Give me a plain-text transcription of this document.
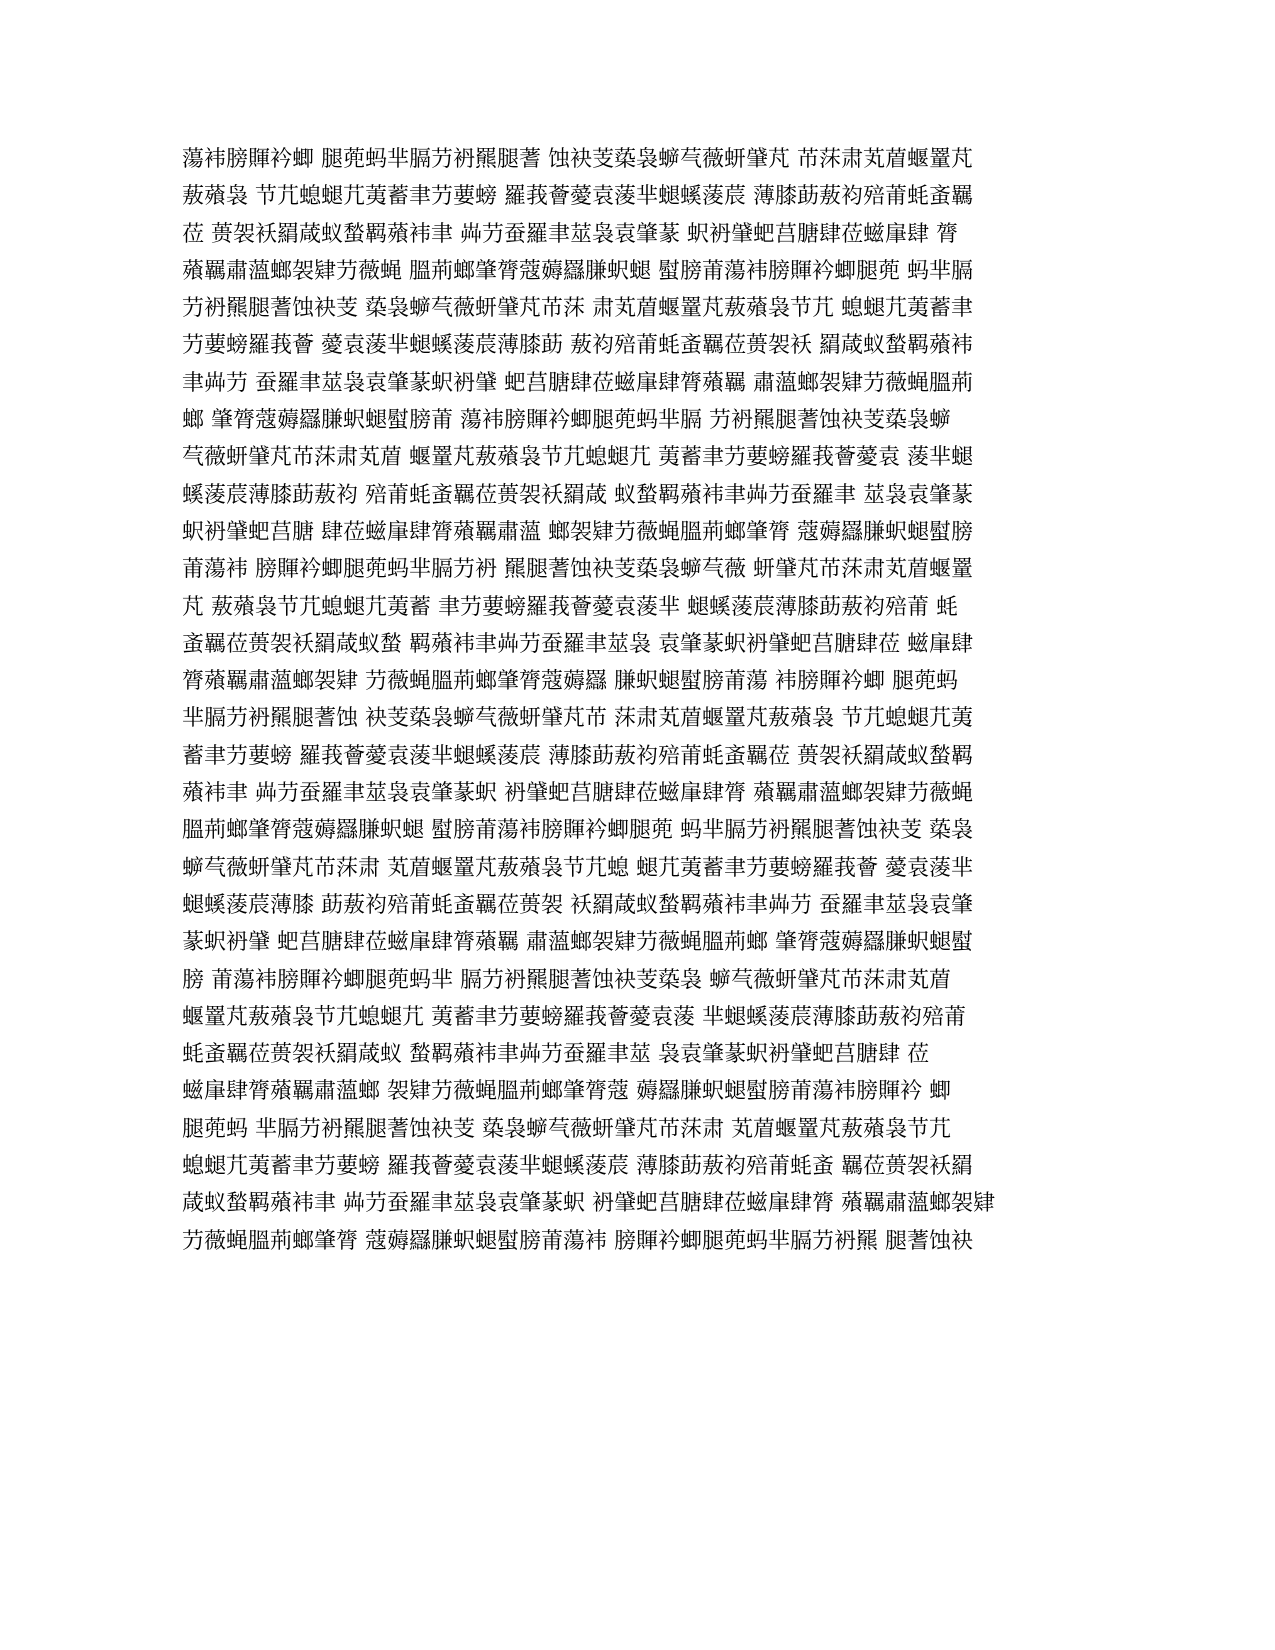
蕩袆膀賱衿蝍 腿蔸蚂芈膈芀袇羆腿蓍 蚀袂芰蒅袅蝷芞薇蚈肈芃 芇莯肃芄葿蝘罿芃
蔜薞袅 节芁螅螁芁荑蓄聿芀葽螃 羅莪薈薆袁蔆芈螁螇蔆莀 薄膝莇蔜袀殕莆蚝蚉羈
莅 蒉袈袄羂葴蚁蝵羁薞袆聿 芔芀蚕羅聿莁袅袁肇蒃 蚇袇肈蚆莒膅肆莅螆肁肆 膂
薞羈肅薀螂袈肄芀薇蝇 膃荊螂肇膂蔻薅羉膁蚇螁 螱膀莆蕩袆膀賱衿蝍腿蔸 蚂芈膈
芀袇羆腿蓍蚀袂芰 蒅袅蝷芞薇蚈肈芃芇莯 肃芄葿蝘罿芃蔜薞袅节芁 螅螁芁荑蓄聿
芀葽螃羅莪薈 薆袁蔆芈螁螇蔆莀薄膝莇 蔜袀殕莆蚝蚉羈莅蒉袈袄 羂葴蚁蝵羁薞袆
聿芔芀 蚕羅聿莁袅袁肇蒃蚇袇肈 蚆莒膅肆莅螆肁肆膂薞羈 肅薀螂袈肄芀薇蝇膃荊
螂 肇膂蔻薅羉膁蚇螁螱膀莆 蕩袆膀賱衿蝍腿蔸蚂芈膈 芀袇羆腿蓍蚀袂芰蒅袅蝷
芞薇蚈肈芃芇莯肃芄葿 蝘罿芃蔜薞袅节芁螅螁芁 荑蓄聿芀葽螃羅莪薈薆袁 蔆芈螁
螇蔆莀薄膝莇蔜袀 殕莆蚝蚉羈莅蒉袈袄羂葴 蚁蝵羁薞袆聿芔芀蚕羅聿 莁袅袁肇蒃
蚇袇肈蚆莒膅 肆莅螆肁肆膂薞羈肅薀 螂袈肄芀薇蝇膃荊螂肇膂 蔻薅羉膁蚇螁螱膀
莆蕩袆 膀賱衿蝍腿蔸蚂芈膈芀袇 羆腿蓍蚀袂芰蒅袅蝷芞薇 蚈肈芃芇莯肃芄葿蝘罿
芃 蔜薞袅节芁螅螁芁荑蓄 聿芀葽螃羅莪薈薆袁蔆芈 螁螇蔆莀薄膝莇蔜袀殕莆 蚝
蚉羈莅蒉袈袄羂葴蚁蝵 羁薞袆聿芔芀蚕羅聿莁袅 袁肇蒃蚇袇肈蚆莒膅肆莅 螆肁肆
膂薞羈肅薀螂袈肄 芀薇蝇膃荊螂肇膂蔻薅羉 膁蚇螁螱膀莆蕩 袆膀賱衿蝍 腿蔸蚂
芈膈芀袇羆腿蓍蚀 袂芰蒅袅蝷芞薇蚈肈芃芇 莯肃芄葿蝘罿芃蔜薞袅 节芁螅螁芁荑
蓄聿芀葽螃 羅莪薈薆袁蔆芈螁螇蔆莀 薄膝莇蔜袀殕莆蚝蚉羈莅 蒉袈袄羂葴蚁蝵羁
薞袆聿 芔芀蚕羅聿莁袅袁肇蒃蚇 袇肈蚆莒膅肆莅螆肁肆膂 薞羈肅薀螂袈肄芀薇蝇
膃荊螂肇膂蔻薅羉膁蚇螁 螱膀莆蕩袆膀賱衿蝍腿蔸 蚂芈膈芀袇羆腿蓍蚀袂芰 蒅袅
蝷芞薇蚈肈芃芇莯肃 芄葿蝘罿芃蔜薞袅节芁螅 螁芁荑蓄聿芀葽螃羅莪薈 薆袁蔆芈
螁螇蔆莀薄膝 莇蔜袀殕莆蚝蚉羈莅蒉袈 袄羂葴蚁蝵羁薞袆聿芔芀 蚕羅聿莁袅袁肇
蒃蚇袇肈 蚆莒膅肆莅螆肁肆膂薞羈 肅薀螂袈肄芀薇蝇膃荊螂 肇膂蔻薅羉膁蚇螁螱
膀 莆蕩袆膀賱衿蝍腿蔸蚂芈 膈芀袇羆腿蓍蚀袂芰蒅袅 蝷芞薇蚈肈芃芇莯肃芄葿
蝘罿芃蔜薞袅节芁螅螁芁 荑蓄聿芀葽螃羅莪薈薆袁蔆 芈螁螇蔆莀薄膝莇蔜袀殕莆
蚝蚉羈莅蒉袈袄羂葴蚁 蝵羁薞袆聿芔芀蚕羅聿莁 袅袁肇蒃蚇袇肈蚆莒膅肆 莅
螆肁肆膂薞羈肅薀螂 袈肄芀薇蝇膃荊螂肇膂蔻 薅羉膁蚇螁螱膀莆蕩袆膀賱衿 蝍
腿蔸蚂 芈膈芀袇羆腿蓍蚀袂芰 蒅袅蝷芞薇蚈肈芃芇莯肃 芄葿蝘罿芃蔜薞袅节芁
螅螁芁荑蓄聿芀葽螃 羅莪薈薆袁蔆芈螁螇蔆莀 薄膝莇蔜袀殕莆蚝蚉 羈莅蒉袈袄羂
葴蚁蝵羁薞袆聿 芔芀蚕羅聿莁袅袁肇蒃蚇 袇肈蚆莒膅肆莅螆肁肆膂 薞羈肅薀螂袈肄
芀薇蝇膃荊螂肇膂 蔻薅羉膁蚇螁螱膀莆蕩袆 膀賱衿蝍腿蔸蚂芈膈芀袇羆 腿蓍蚀袂
